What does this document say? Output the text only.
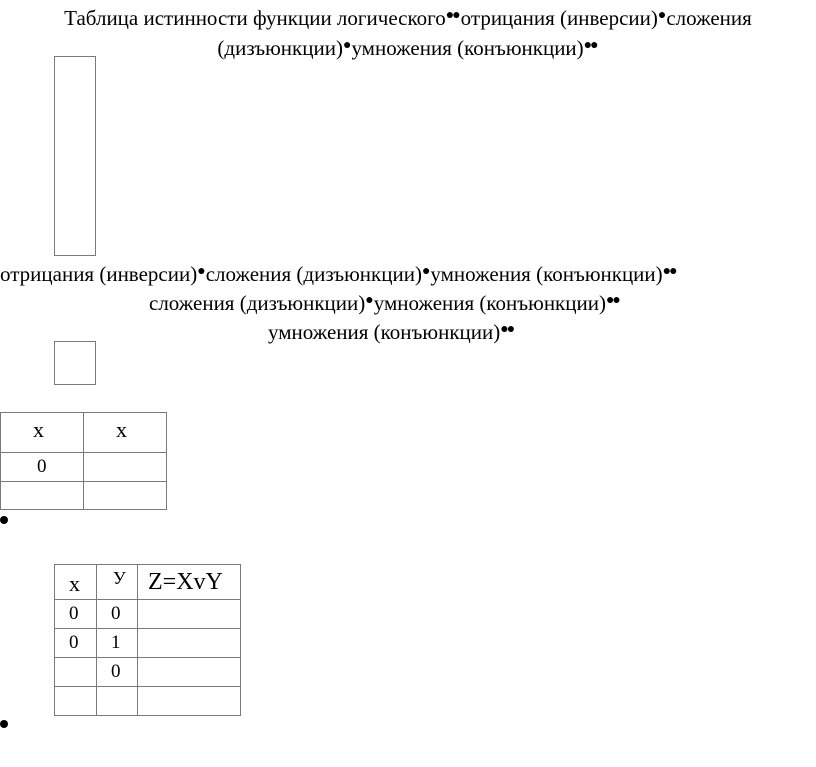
Таблица истинности функции логического●●отрицания (инверсии)●сложения
(дизъюнкции)●умножения (конъюнкции)●●
отрицания (инверсии)●сложения (дизъюнкции)●умножения (конъюнкции)●●
сложения (дизъюнкции)●умножения (конъюнкции)●●
умножения (конъюнкции)●●
x	x
0	

x	У	Z=XvY
0	0	
0	1	
	0	
